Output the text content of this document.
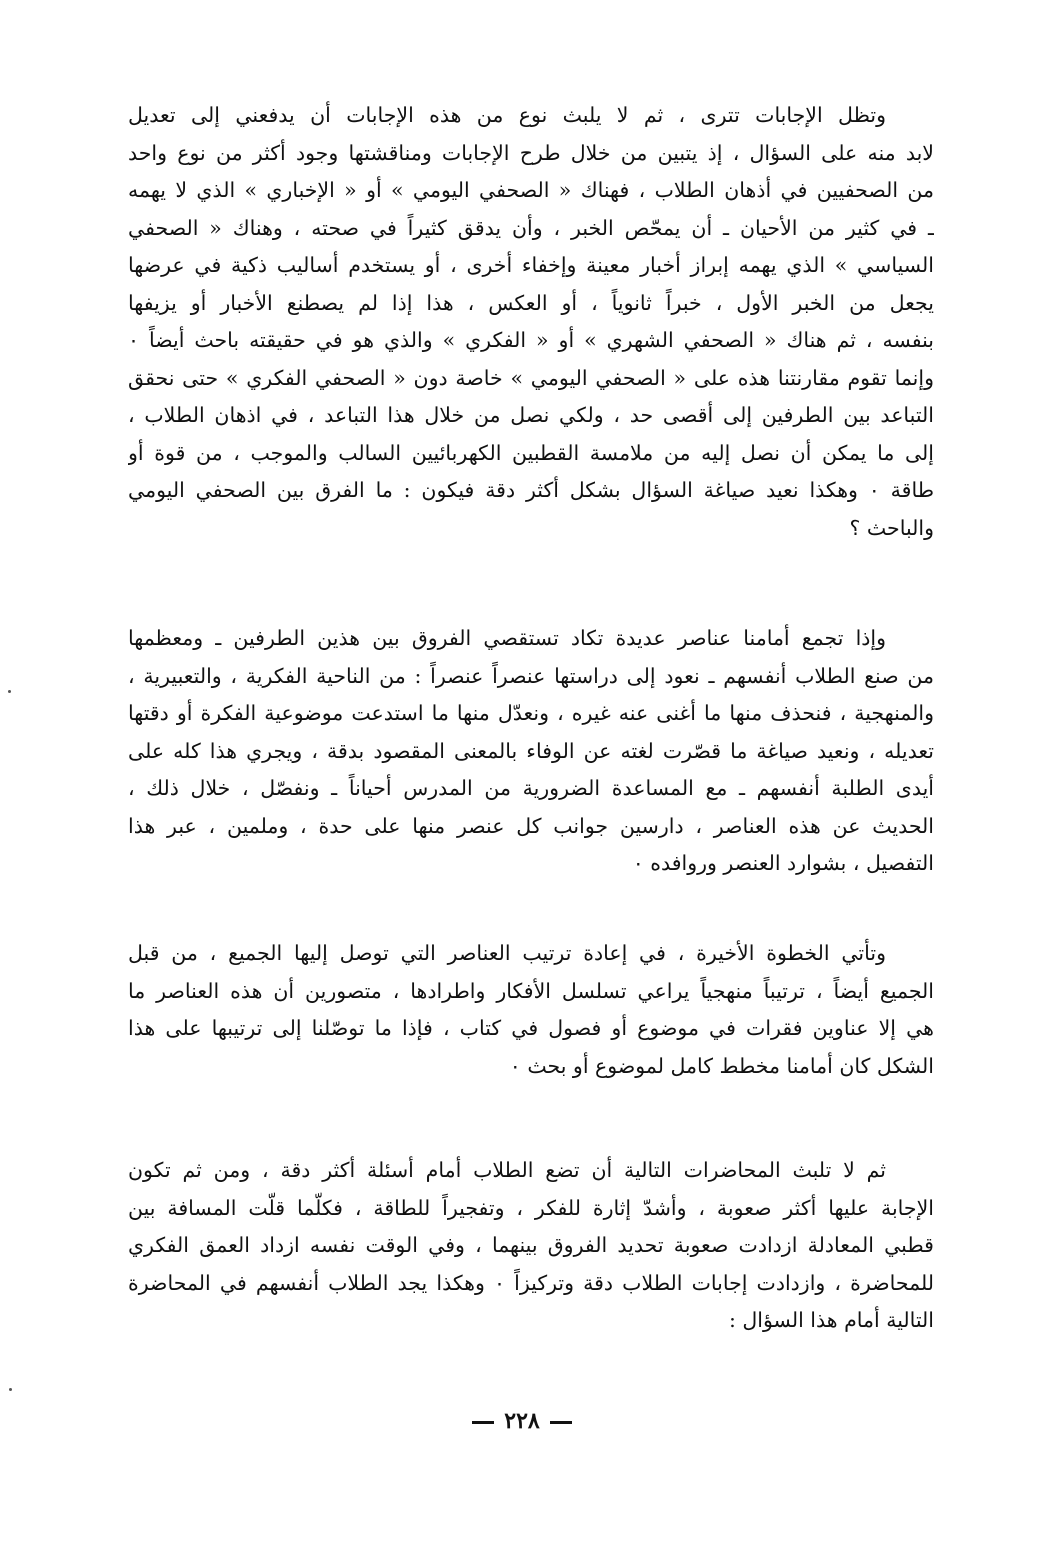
وتظل الإجابات تترى ، ثم لا يلبث نوع من هذه الإجابات أن يدفعني إلى تعديل
لابد منه على السؤال ، إذ يتبين من خلال طرح الإجابات ومناقشتها وجود أكثر من نوع واحد
من الصحفيين في أذهان الطلاب ، فهناك « الصحفي اليومي » أو « الإخباري » الذي لا يهمه
ـ في كثير من الأحيان ـ أن يمحّص الخبر ، وأن يدقق كثيراً في صحته ، وهناك « الصحفي
السياسي » الذي يهمه إبراز أخبار معينة وإخفاء أخرى ، أو يستخدم أساليب ذكية في عرضها
يجعل من الخبر الأول ، خبراً ثانوياً ، أو العكس ، هذا إذا لم يصطنع الأخبار أو يزيفها
بنفسه ، ثم هناك « الصحفي الشهري » أو « الفكري » والذي هو في حقيقته باحث أيضاً ٠
وإنما تقوم مقارنتنا هذه على « الصحفي اليومي » خاصة دون « الصحفي الفكري » حتى نحقق
التباعد بين الطرفين إلى أقصى حد ، ولكي نصل من خلال هذا التباعد ، في اذهان الطلاب ،
إلى ما يمكن أن نصل إليه من ملامسة القطبين الكهربائيين السالب والموجب ، من قوة أو
طاقة ٠ وهكذا نعيد صياغة السؤال بشكل أكثر دقة فيكون : ما الفرق بين الصحفي اليومي
والباحث ؟
وإذا تجمع أمامنا عناصر عديدة تكاد تستقصي الفروق بين هذين الطرفين ـ ومعظمها
من صنع الطلاب أنفسهم ـ نعود إلى دراستها عنصراً عنصراً : من الناحية الفكرية ، والتعبيرية ،
والمنهجية ، فنحذف منها ما أغنى عنه غيره ، ونعدّل منها ما استدعت موضوعية الفكرة أو دقتها
تعديله ، ونعيد صياغة ما قصّرت لغته عن الوفاء بالمعنى المقصود بدقة ، ويجري هذا كله على
أيدى الطلبة أنفسهم ـ مع المساعدة الضرورية من المدرس أحياناً ـ ونفصّل ، خلال ذلك ،
الحديث عن هذه العناصر ، دارسين جوانب كل عنصر منها على حدة ، وملمين ، عبر هذا
التفصيل ، بشوارد العنصر وروافده ٠
وتأتي الخطوة الأخيرة ، في إعادة ترتيب العناصر التي توصل إليها الجميع ، من قبل
الجميع أيضاً ، ترتيباً منهجياً يراعي تسلسل الأفكار واطرادها ، متصورين أن هذه العناصر ما
هي إلا عناوين فقرات في موضوع أو فصول في كتاب ، فإذا ما توصّلنا إلى ترتيبها على هذا
الشكل كان أمامنا مخطط كامل لموضوع أو بحث ٠
ثم لا تلبث المحاضرات التالية أن تضع الطلاب أمام أسئلة أكثر دقة ، ومن ثم تكون
الإجابة عليها أكثر صعوبة ، وأشدّ إثارة للفكر ، وتفجيراً للطاقة ، فكلّما قلّت المسافة بين
قطبي المعادلة ازدادت صعوبة تحديد الفروق بينهما ، وفي الوقت نفسه ازداد العمق الفكري
للمحاضرة ، وازدادت إجابات الطلاب دقة وتركيزاً ٠ وهكذا يجد الطلاب أنفسهم في المحاضرة
التالية أمام هذا السؤال :
٢٢٨
